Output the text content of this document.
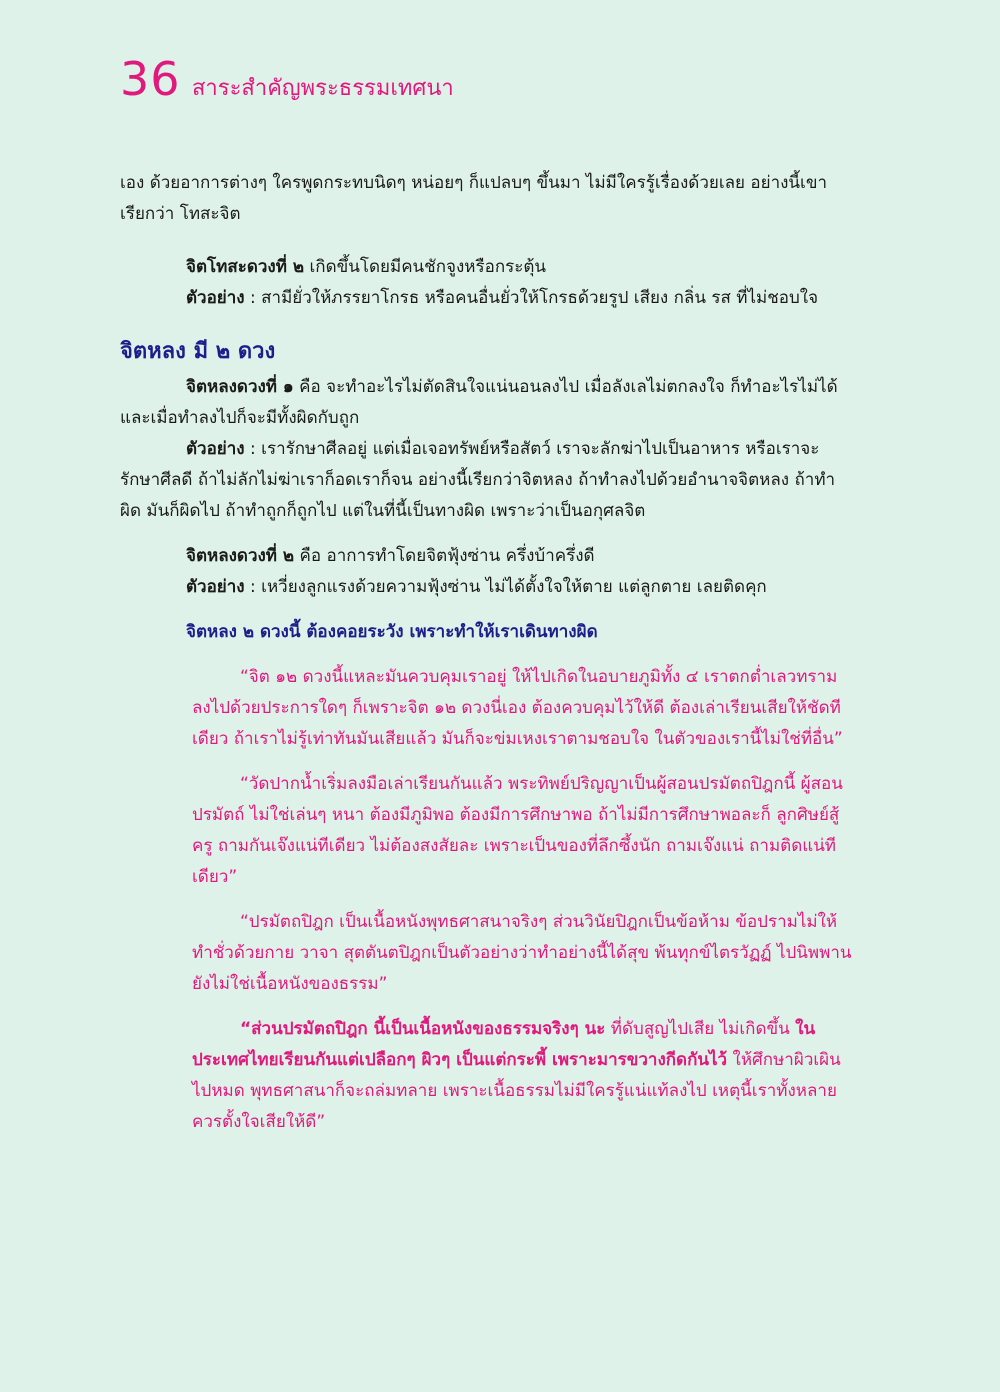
36 สาระสำคัญพระธรรมเทศนา

เอง ด้วยอาการต่างๆ ใครพูดกระทบนิดๆ หน่อยๆ ก็แปลบๆ ขึ้นมา ไม่มีใครรู้เรื่องด้วยเลย อย่างนี้เขาเรียกว่า โทสะจิต

จิตโทสะดวงที่ ๒ เกิดขึ้นโดยมีคนชักจูงหรือกระตุ้น

ตัวอย่าง : สามียั่วให้ภรรยาโกรธ หรือคนอื่นยั่วให้โกรธด้วยรูป เสียง กลิ่น รส ที่ไม่ชอบใจ

จิตหลง มี ๒ ดวง

จิตหลงดวงที่ ๑ คือ จะทำอะไรไม่ตัดสินใจแน่นอนลงไป เมื่อลังเลไม่ตกลงใจ ก็ทำอะไรไม่ได้ และเมื่อทำลงไปก็จะมีทั้งผิดกับถูก

ตัวอย่าง : เรารักษาศีลอยู่ แต่เมื่อเจอทรัพย์หรือสัตว์ เราจะลักฆ่าไปเป็นอาหาร หรือเราจะรักษาศีลดี ถ้าไม่ลักไม่ฆ่าเราก็อดเราก็จน อย่างนี้เรียกว่าจิตหลง ถ้าทำลงไปด้วยอำนาจจิตหลง ถ้าทำผิด มันก็ผิดไป ถ้าทำถูกก็ถูกไป แต่ในที่นี้เป็นทางผิด เพราะว่าเป็นอกุศลจิต

จิตหลงดวงที่ ๒ คือ อาการทำโดยจิตฟุ้งซ่าน ครึ่งบ้าครึ่งดี

ตัวอย่าง : เหวี่ยงลูกแรงด้วยความฟุ้งซ่าน ไม่ได้ตั้งใจให้ตาย แต่ลูกตาย เลยติดคุก

จิตหลง ๒ ดวงนี้ ต้องคอยระวัง เพราะทำให้เราเดินทางผิด

“จิต ๑๒ ดวงนี้แหละมันควบคุมเราอยู่ ให้ไปเกิดในอบายภูมิทั้ง ๔ เราตกต่ำเลวทรามลงไปด้วยประการใดๆ ก็เพราะจิต ๑๒ ดวงนี่เอง ต้องควบคุมไว้ให้ดี ต้องเล่าเรียนเสียให้ชัดทีเดียว ถ้าเราไม่รู้เท่าทันมันเสียแล้ว มันก็จะข่มเหงเราตามชอบใจ ในตัวของเรานี้ไม่ใช่ที่อื่น”

“วัดปากน้ำเริ่มลงมือเล่าเรียนกันแล้ว พระทิพย์ปริญญาเป็นผู้สอนปรมัตถปิฎกนี้ ผู้สอนปรมัตถ์ ไม่ใช่เล่นๆ หนา ต้องมีภูมิพอ ต้องมีการศึกษาพอ ถ้าไม่มีการศึกษาพอละก็ ลูกศิษย์สู้ครู ถามกันเจ๊งแน่ทีเดียว ไม่ต้องสงสัยละ เพราะเป็นของที่ลึกซึ้งนัก ถามเจ๊งแน่ ถามติดแน่ทีเดียว”

“ปรมัตถปิฎก เป็นเนื้อหนังพุทธศาสนาจริงๆ ส่วนวินัยปิฎกเป็นข้อห้าม ข้อปรามไม่ให้ทำชั่วด้วยกาย วาจา สุตตันตปิฎกเป็นตัวอย่างว่าทำอย่างนี้ได้สุข พ้นทุกข์ไตรวัฏฏ์ ไปนิพพาน ยังไม่ใช่เนื้อหนังของธรรม”

“ส่วนปรมัตถปิฎก นี้เป็นเนื้อหนังของธรรมจริงๆ นะ ที่ดับสูญไปเสีย ไม่เกิดขึ้น ในประเทศไทยเรียนกันแต่เปลือกๆ ผิวๆ เป็นแต่กระพี้ เพราะมารขวางกีดกันไว้ ให้ศึกษาผิวเผินไปหมด พุทธศาสนาก็จะถล่มทลาย เพราะเนื้อธรรมไม่มีใครรู้แน่แท้ลงไป เหตุนี้เราทั้งหลายควรตั้งใจเสียให้ดี”
